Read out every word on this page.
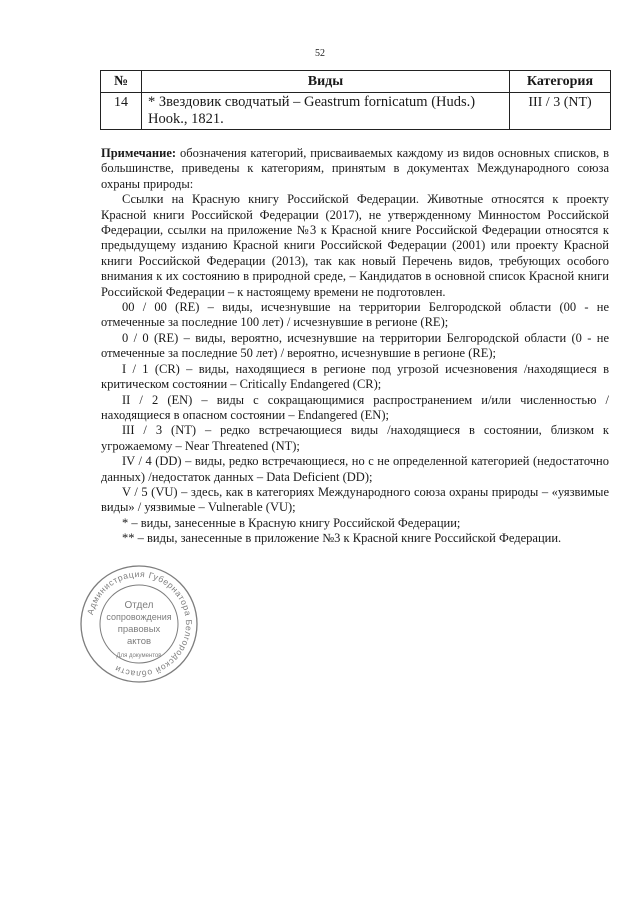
52
№	Виды	Категория
14	* Звездовик сводчатый – Geastrum fornicatum (Huds.) Hook., 1821.	III / 3 (NT)

Примечание: обозначения категорий, присваиваемых каждому из видов основных списков, в большинстве, приведены к категориям, принятым в документах Международного союза охраны природы:

Ссылки на Красную книгу Российской Федерации. Животные относятся к проекту Красной книги Российской Федерации (2017), не утвержденному Минностом Российской Федерации, ссылки на приложение №3 к Красной книге Российской Федерации относятся к предыдущему изданию Красной книги Российской Федерации (2001) или проекту Красной книги Российской Федерации (2013), так как новый Перечень видов, требующих особого внимания к их состоянию в природной среде, – Кандидатов в основной список Красной книги Российской Федерации – к настоящему времени не подготовлен.

00 / 00 (RE) – виды, исчезнувшие на территории Белгородской области (00 - не отмеченные за последние 100 лет) / исчезнувшие в регионе (RE);

0 / 0 (RE) – виды, вероятно, исчезнувшие на территории Белгородской области (0 - не отмеченные за последние 50 лет) / вероятно, исчезнувшие в регионе (RE);

I / 1 (CR) – виды, находящиеся в регионе под угрозой исчезновения /находящиеся в критическом состоянии – Critically Endangered (CR);

II / 2 (EN) – виды с сокращающимися распространением и/или численностью /находящиеся в опасном состоянии – Endangered (EN);

III / 3 (NT) – редко встречающиеся виды /находящиеся в состоянии, близком к угрожаемому – Near Threatened (NT);

IV / 4 (DD) – виды, редко встречающиеся, но с не определенной категорией (недостаточно данных) /недостаток данных – Data Deficient (DD);

V / 5 (VU) – здесь, как в категориях Международного союза охраны природы – «уязвимые виды» / уязвимые – Vulnerable (VU);

* – виды, занесенные в Красную книгу Российской Федерации;

** – виды, занесенные в приложение №3 к Красной книге Российской Федерации.

Администрация Губернатора Белгородской области
Отдел
сопровождения
правовых
актов
Для документов
